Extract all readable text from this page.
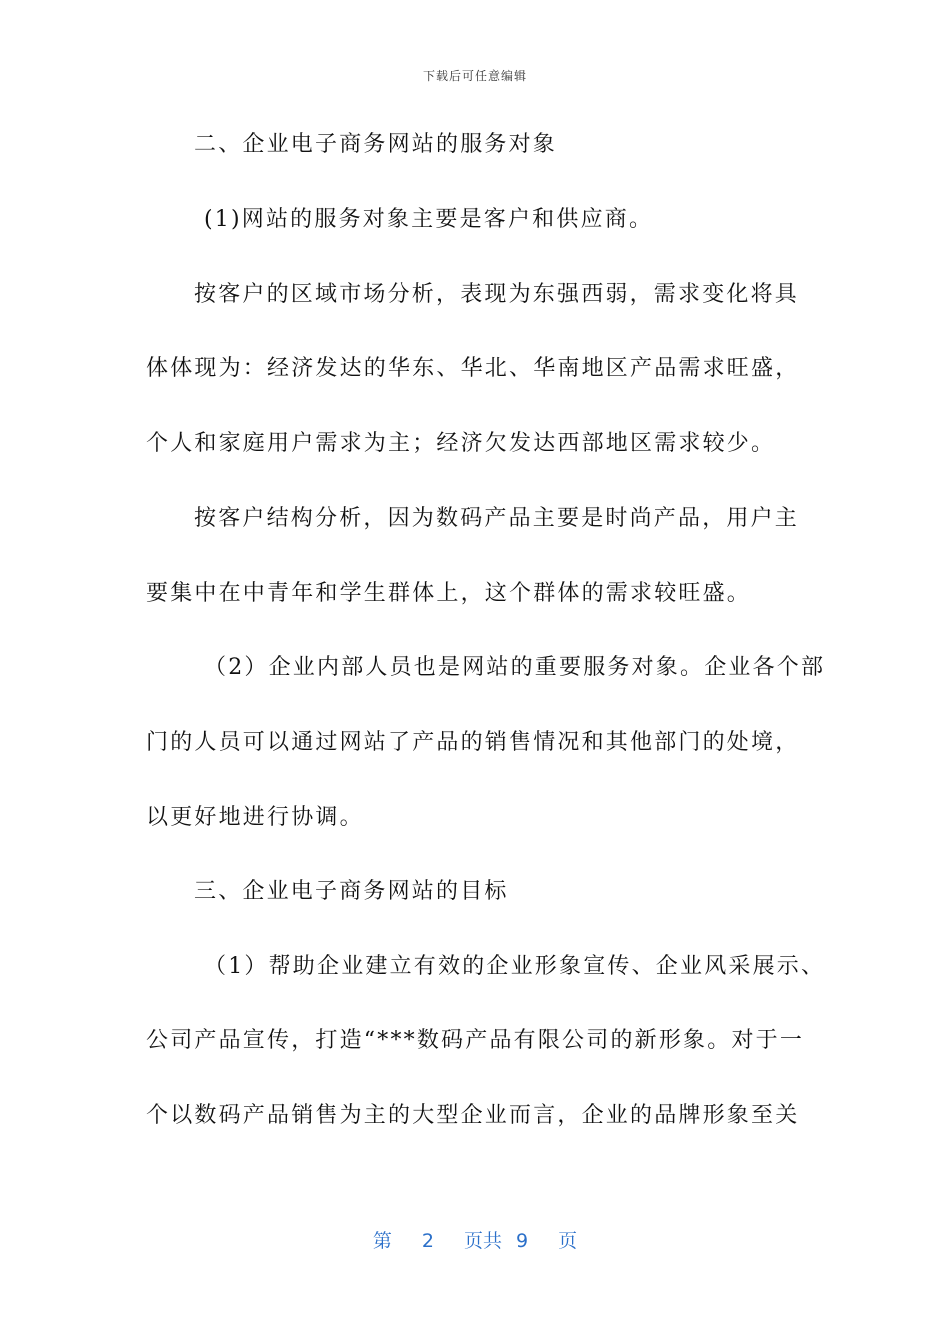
下载后可任意编辑
二、企业电子商务网站的服务对象
(1)网站的服务对象主要是客户和供应商。
按客户的区域市场分析，表现为东强西弱，需求变化将具
体体现为：经济发达的华东、华北、华南地区产品需求旺盛，
个人和家庭用户需求为主；经济欠发达西部地区需求较少。
按客户结构分析，因为数码产品主要是时尚产品，用户主
要集中在中青年和学生群体上，这个群体的需求较旺盛。
（2）企业内部人员也是网站的重要服务对象。企业各个部
门的人员可以通过网站了产品的销售情况和其他部门的处境，
以更好地进行协调。
三、企业电子商务网站的目标
（1）帮助企业建立有效的企业形象宣传、企业风采展示、
公司产品宣传，打造“***数码产品有限公司的新形象。对于一
个以数码产品销售为主的大型企业而言，企业的品牌形象至关
第 2 页共 9 页
